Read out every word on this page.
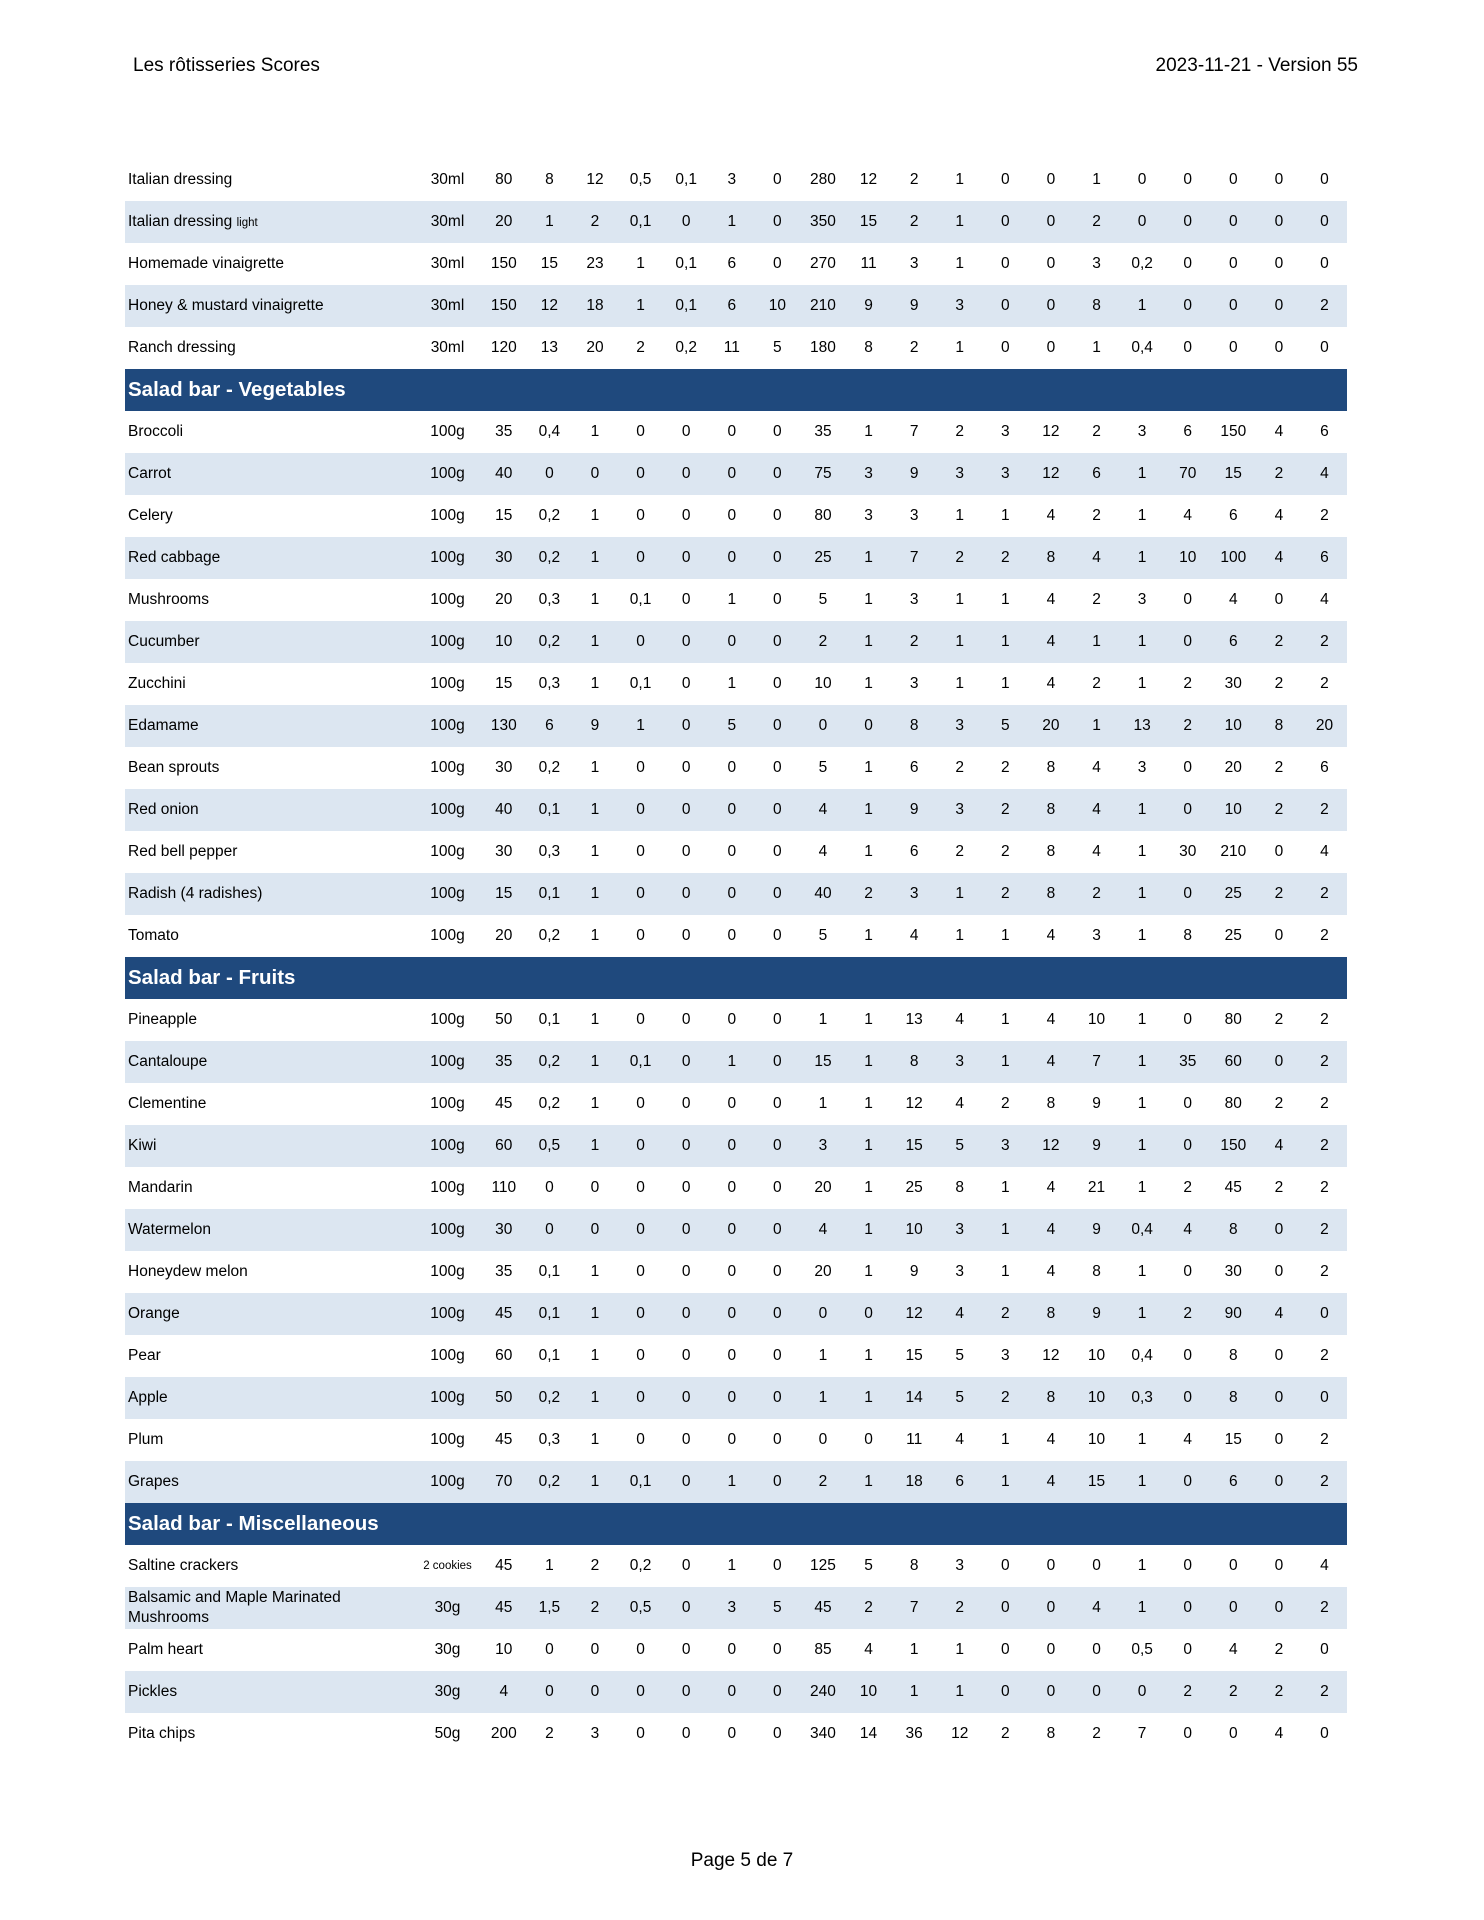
Les rôtisseries Scores	2023-11-21 - Version 55
Italian dressing	30ml	80	8	12	0,5	0,1	3	0	280	12	2	1	0	0	1	0	0	0	0	0
Italian dressing light	30ml	20	1	2	0,1	0	1	0	350	15	2	1	0	0	2	0	0	0	0	0
Homemade vinaigrette	30ml	150	15	23	1	0,1	6	0	270	11	3	1	0	0	3	0,2	0	0	0	0
Honey & mustard vinaigrette	30ml	150	12	18	1	0,1	6	10	210	9	9	3	0	0	8	1	0	0	0	2
Ranch dressing	30ml	120	13	20	2	0,2	11	5	180	8	2	1	0	0	1	0,4	0	0	0	0
Salad bar - Vegetables																				
Broccoli	100g	35	0,4	1	0	0	0	0	35	1	7	2	3	12	2	3	6	150	4	6
Carrot	100g	40	0	0	0	0	0	0	75	3	9	3	3	12	6	1	70	15	2	4
Celery	100g	15	0,2	1	0	0	0	0	80	3	3	1	1	4	2	1	4	6	4	2
Red cabbage	100g	30	0,2	1	0	0	0	0	25	1	7	2	2	8	4	1	10	100	4	6
Mushrooms	100g	20	0,3	1	0,1	0	1	0	5	1	3	1	1	4	2	3	0	4	0	4
Cucumber	100g	10	0,2	1	0	0	0	0	2	1	2	1	1	4	1	1	0	6	2	2
Zucchini	100g	15	0,3	1	0,1	0	1	0	10	1	3	1	1	4	2	1	2	30	2	2
Edamame	100g	130	6	9	1	0	5	0	0	0	8	3	5	20	1	13	2	10	8	20
Bean sprouts	100g	30	0,2	1	0	0	0	0	5	1	6	2	2	8	4	3	0	20	2	6
Red onion	100g	40	0,1	1	0	0	0	0	4	1	9	3	2	8	4	1	0	10	2	2
Red bell pepper	100g	30	0,3	1	0	0	0	0	4	1	6	2	2	8	4	1	30	210	0	4
Radish (4 radishes)	100g	15	0,1	1	0	0	0	0	40	2	3	1	2	8	2	1	0	25	2	2
Tomato	100g	20	0,2	1	0	0	0	0	5	1	4	1	1	4	3	1	8	25	0	2
Salad bar - Fruits																				
Pineapple	100g	50	0,1	1	0	0	0	0	1	1	13	4	1	4	10	1	0	80	2	2
Cantaloupe	100g	35	0,2	1	0,1	0	1	0	15	1	8	3	1	4	7	1	35	60	0	2
Clementine	100g	45	0,2	1	0	0	0	0	1	1	12	4	2	8	9	1	0	80	2	2
Kiwi	100g	60	0,5	1	0	0	0	0	3	1	15	5	3	12	9	1	0	150	4	2
Mandarin	100g	110	0	0	0	0	0	0	20	1	25	8	1	4	21	1	2	45	2	2
Watermelon	100g	30	0	0	0	0	0	0	4	1	10	3	1	4	9	0,4	4	8	0	2
Honeydew melon	100g	35	0,1	1	0	0	0	0	20	1	9	3	1	4	8	1	0	30	0	2
Orange	100g	45	0,1	1	0	0	0	0	0	0	12	4	2	8	9	1	2	90	4	0
Pear	100g	60	0,1	1	0	0	0	0	1	1	15	5	3	12	10	0,4	0	8	0	2
Apple	100g	50	0,2	1	0	0	0	0	1	1	14	5	2	8	10	0,3	0	8	0	0
Plum	100g	45	0,3	1	0	0	0	0	0	0	11	4	1	4	10	1	4	15	0	2
Grapes	100g	70	0,2	1	0,1	0	1	0	2	1	18	6	1	4	15	1	0	6	0	2
Salad bar - Miscellaneous																				
Saltine crackers	2 cookies	45	1	2	0,2	0	1	0	125	5	8	3	0	0	0	1	0	0	0	4
Balsamic and Maple Marinated Mushrooms	30g	45	1,5	2	0,5	0	3	5	45	2	7	2	0	0	4	1	0	0	0	2
Palm heart	30g	10	0	0	0	0	0	0	85	4	1	1	0	0	0	0,5	0	4	2	0
Pickles	30g	4	0	0	0	0	0	0	240	10	1	1	0	0	0	0	2	2	2	2
Pita chips	50g	200	2	3	0	0	0	0	340	14	36	12	2	8	2	7	0	0	4	0
Page 5 de 7
